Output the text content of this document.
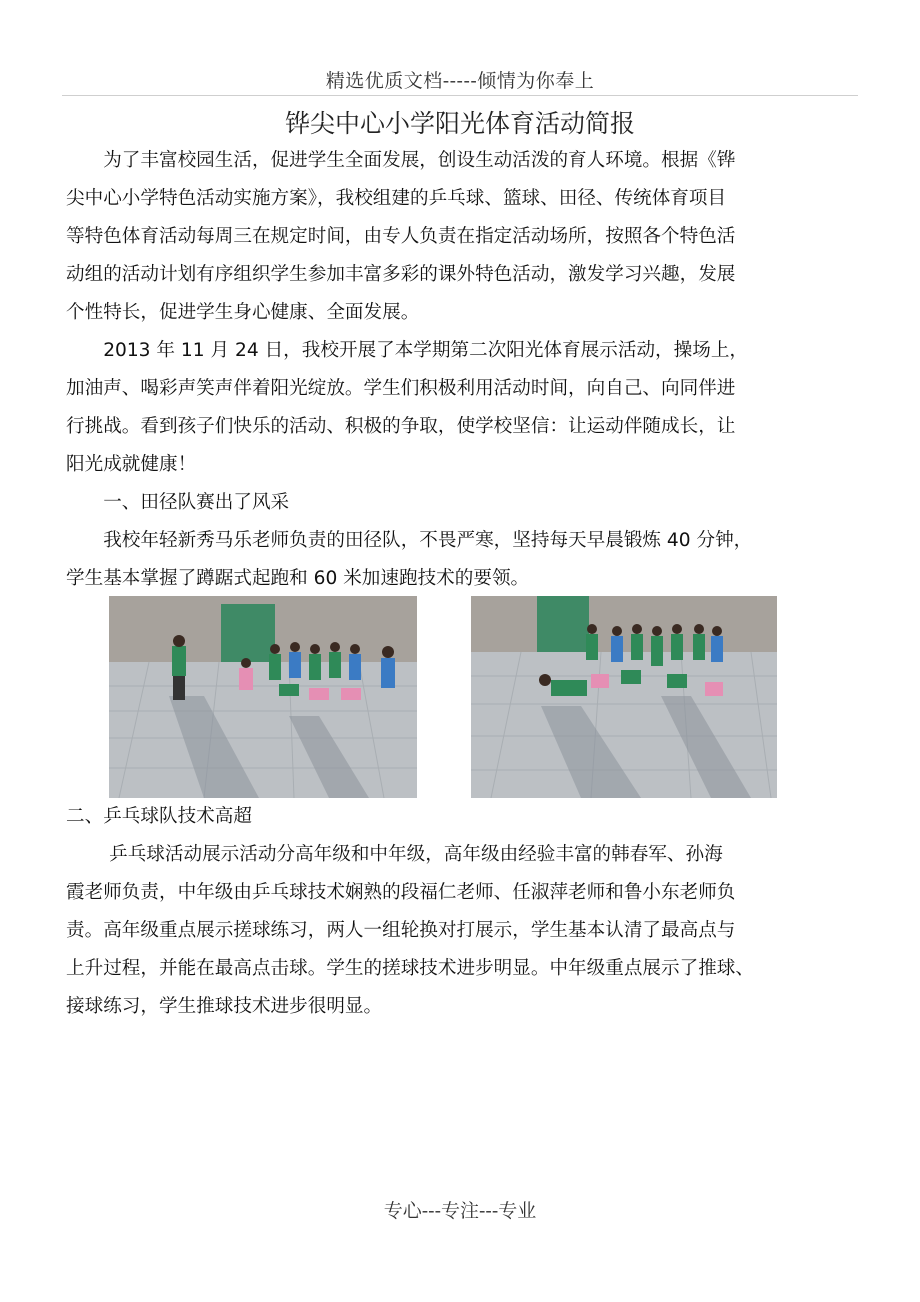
精选优质文档-----倾情为你奉上
铧尖中心小学阳光体育活动简报
　　为了丰富校园生活，促进学生全面发展，创设生动活泼的育人环境。根据《铧
尖中心小学特色活动实施方案》，我校组建的乒乓球、篮球、田径、传统体育项目
等特色体育活动每周三在规定时间，由专人负责在指定活动场所，按照各个特色活
动组的活动计划有序组织学生参加丰富多彩的课外特色活动，激发学习兴趣，发展
个性特长，促进学生身心健康、全面发展。
　　2013 年 11 月 24 日，我校开展了本学期第二次阳光体育展示活动，操场上，
加油声、喝彩声笑声伴着阳光绽放。学生们积极利用活动时间，向自己、向同伴进
行挑战。看到孩子们快乐的活动、积极的争取，使学校坚信：让运动伴随成长，让
阳光成就健康！
　　一、田径队赛出了风采
　　我校年轻新秀马乐老师负责的田径队，不畏严寒，坚持每天早晨锻炼 40 分钟，
学生基本掌握了蹲踞式起跑和 60 米加速跑技术的要领。
二、乒乓球队技术高超
　　 乒乓球活动展示活动分高年级和中年级，高年级由经验丰富的韩春军、孙海
霞老师负责，中年级由乒乓球技术娴熟的段福仁老师、任淑萍老师和鲁小东老师负
责。高年级重点展示搓球练习，两人一组轮换对打展示，学生基本认清了最高点与
上升过程，并能在最高点击球。学生的搓球技术进步明显。中年级重点展示了推球、
接球练习，学生推球技术进步很明显。
专心---专注---专业
